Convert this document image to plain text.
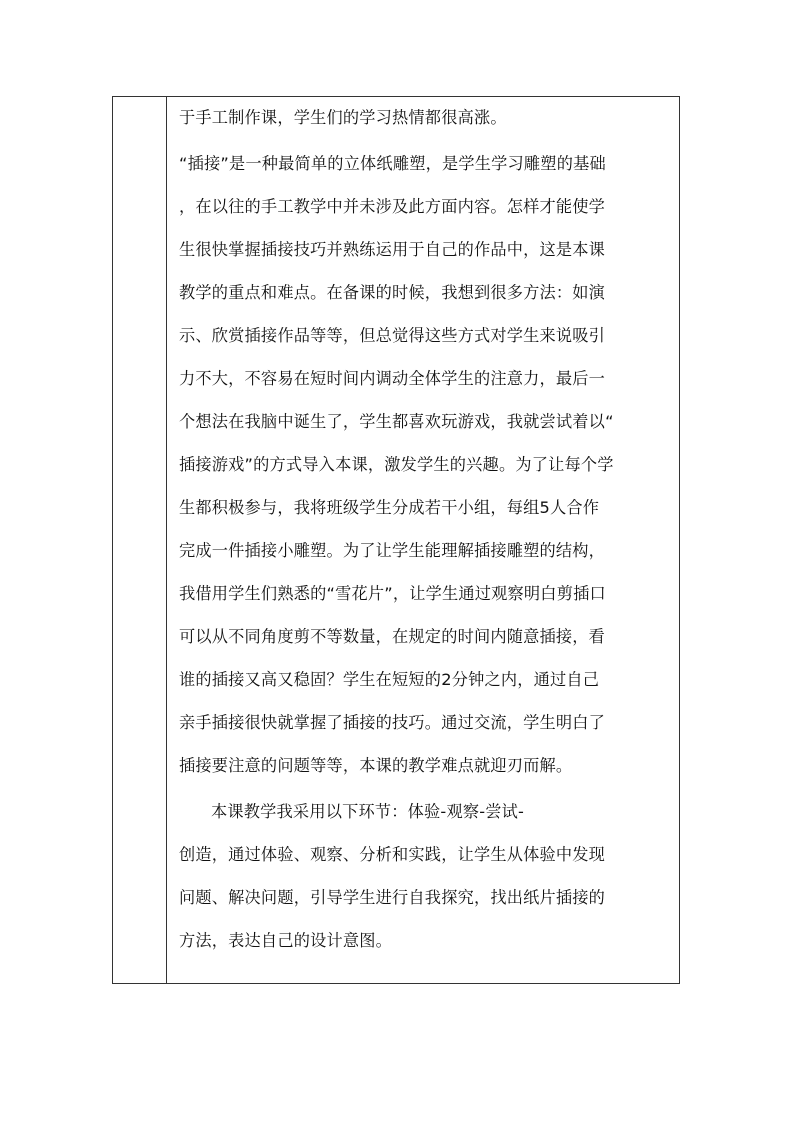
于手工制作课，学生们的学习热情都很高涨。
“插接”是一种最简单的立体纸雕塑，是学生学习雕塑的基础
，在以往的手工教学中并未涉及此方面内容。怎样才能使学
生很快掌握插接技巧并熟练运用于自己的作品中，这是本课
教学的重点和难点。在备课的时候，我想到很多方法：如演
示、欣赏插接作品等等，但总觉得这些方式对学生来说吸引
力不大，不容易在短时间内调动全体学生的注意力，最后一
个想法在我脑中诞生了，学生都喜欢玩游戏，我就尝试着以“
插接游戏”的方式导入本课，激发学生的兴趣。为了让每个学
生都积极参与，我将班级学生分成若干小组，每组5人合作
完成一件插接小雕塑。为了让学生能理解插接雕塑的结构，
我借用学生们熟悉的“雪花片”，让学生通过观察明白剪插口
可以从不同角度剪不等数量，在规定的时间内随意插接，看
谁的插接又高又稳固？学生在短短的2分钟之内，通过自己
亲手插接很快就掌握了插接的技巧。通过交流，学生明白了
插接要注意的问题等等，本课的教学难点就迎刃而解。
本课教学我采用以下环节：体验-观察-尝试-
创造，通过体验、观察、分析和实践，让学生从体验中发现
问题、解决问题，引导学生进行自我探究，找出纸片插接的
方法，表达自己的设计意图。
